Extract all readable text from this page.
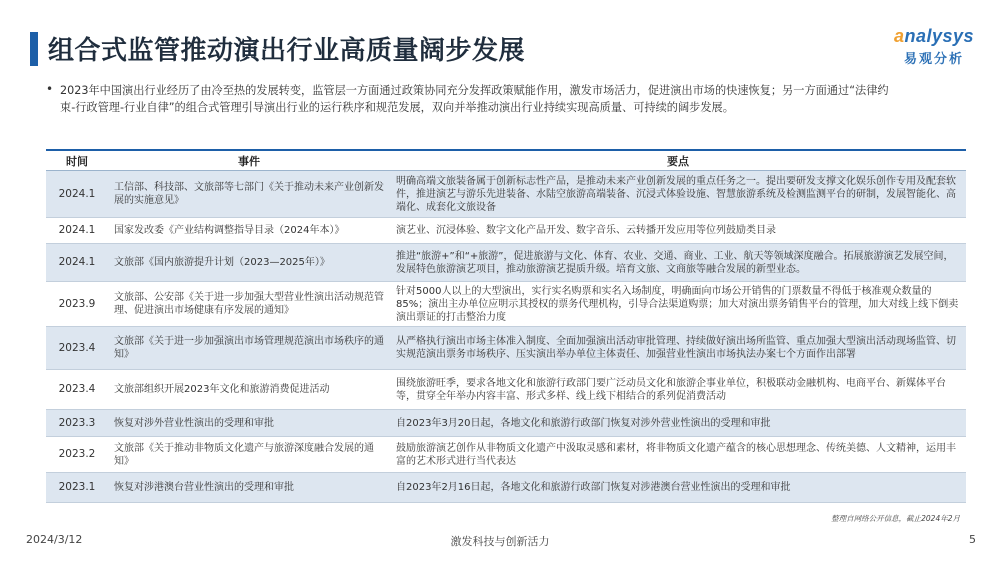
组合式监管推动演出行业高质量阔步发展	analysys
易观分析
• 2023年中国演出行业经历了由冷至热的发展转变，监管层一方面通过政策协同充分发挥政策赋能作用，激发市场活力，促进演出市场的快速恢复；另一方面通过“法律约束-行政管理-行业自律”的组合式管理引导演出行业的运行秩序和规范发展，双向并举推动演出行业持续实现高质量、可持续的阔步发展。
时间	事件	要点
2024.1	工信部、科技部、文旅部等七部门《关于推动未来产业创新发展的实施意见》	明确高端文旅装备属于创新标志性产品，是推动未来产业创新发展的重点任务之一。提出要研发支撑文化娱乐创作专用及配套软件，推进演艺与游乐先进装备、水陆空旅游高端装备、沉浸式体验设施、智慧旅游系统及检测监测平台的研制，发展智能化、高端化、成套化文旅设备
2024.1	国家发改委《产业结构调整指导目录（2024年本）》	演艺业、沉浸体验、数字文化产品开发、数字音乐、云转播开发应用等位列鼓励类目录
2024.1	文旅部《国内旅游提升计划（2023—2025年）》	推进“旅游+”和“+旅游”，促进旅游与文化、体育、农业、交通、商业、工业、航天等领域深度融合。拓展旅游演艺发展空间，发展特色旅游演艺项目，推动旅游演艺提质升级。培育文旅、文商旅等融合发展的新型业态。
2023.9	文旅部、公安部《关于进一步加强大型营业性演出活动规范管理、促进演出市场健康有序发展的通知》	针对5000人以上的大型演出，实行实名购票和实名入场制度，明确面向市场公开销售的门票数量不得低于核准观众数量的85%；演出主办单位应明示其授权的票务代理机构，引导合法渠道购票；加大对演出票务销售平台的管理，加大对线上线下倒卖演出票证的打击整治力度
2023.4	文旅部《关于进一步加强演出市场管理规范演出市场秩序的通知》	从严格执行演出市场主体准入制度、全面加强演出活动审批管理、持续做好演出场所监管、重点加强大型演出活动现场监管、切实规范演出票务市场秩序、压实演出举办单位主体责任、加强营业性演出市场执法办案七个方面作出部署
2023.4	文旅部组织开展2023年文化和旅游消费促进活动	围绕旅游旺季，要求各地文化和旅游行政部门要广泛动员文化和旅游企事业单位，积极联动金融机构、电商平台、新媒体平台等，贯穿全年举办内容丰富、形式多样、线上线下相结合的系列促消费活动
2023.3	恢复对涉外营业性演出的受理和审批	自2023年3月20日起，各地文化和旅游行政部门恢复对涉外营业性演出的受理和审批
2023.2	文旅部《关于推动非物质文化遗产与旅游深度融合发展的通知》	鼓励旅游演艺创作从非物质文化遗产中汲取灵感和素材，将非物质文化遗产蕴含的核心思想理念、传统美德、人文精神，运用丰富的艺术形式进行当代表达
2023.1	恢复对涉港澳台营业性演出的受理和审批	自2023年2月16日起，各地文化和旅游行政部门恢复对涉港澳台营业性演出的受理和审批
整理自网络公开信息，截止2024年2月
2024/3/12	激发科技与创新活力	5
